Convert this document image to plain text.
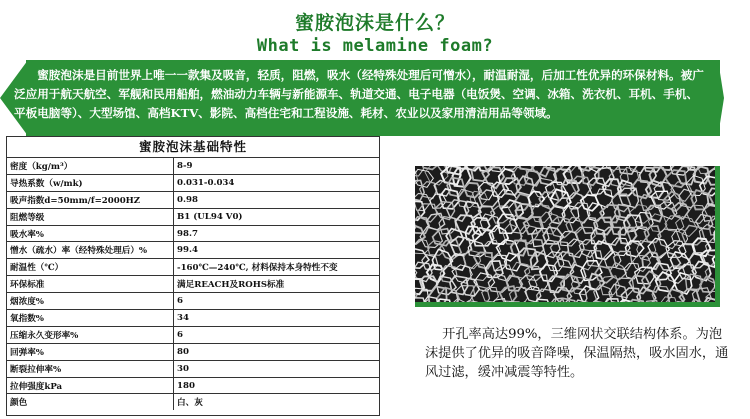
蜜胺泡沫是什么？
What is melamine foam?
蜜胺泡沫是目前世界上唯一一款集及吸音，轻质，阻燃，吸水（经特殊处理后可憎水），耐温耐湿，后加工性优异的环保材料。被广泛应用于航天航空、军舰和民用船舶，燃油动力车辆与新能源车、轨道交通、电子电器（电饭煲、空调、冰箱、洗衣机、耳机、手机、平板电脑等）、大型场馆、高档KTV、影院、高档住宅和工程设施、耗材、农业以及家用清洁用品等领域。
蜜胺泡沫基础特性
密度（kg/m³）	8-9
导热系数（w/mk)	0.031-0.034
吸声指数d=50mm/f=2000HZ	0.98
阻燃等级	B1 (UL94 V0)
吸水率%	98.7
憎水（疏水）率（经特殊处理后）%	99.4
耐温性（℃）	-160℃—240℃, 材料保持本身特性不变
环保标准	满足REACH及ROHS标准
烟浓度%	6
氧指数%	34
压缩永久变形率%	6
回弹率%	80
断裂拉伸率%	30
拉伸强度kPa	180
颜色	白、灰
开孔率高达99%，三维网状交联结构体系。为泡沫提供了优异的吸音降噪，保温隔热，吸水固水，通风过滤，缓冲减震等特性。
